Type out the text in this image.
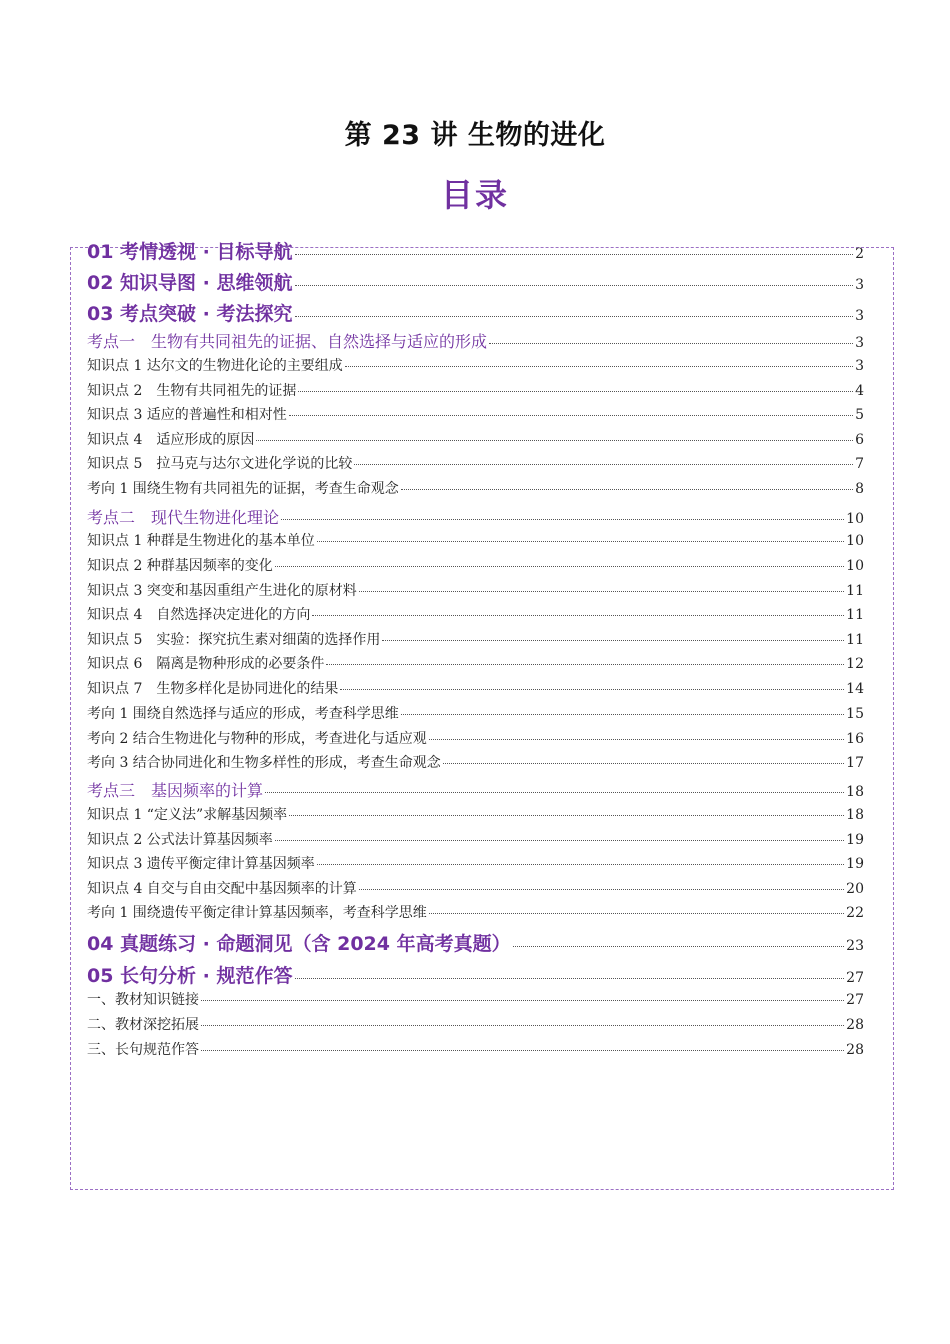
第 23 讲 生物的进化
目录
01 考情透视 · 目标导航	2
02 知识导图 · 思维领航	3
03 考点突破 · 考法探究	3
考点一　生物有共同祖先的证据、自然选择与适应的形成	3
知识点 1 达尔文的生物进化论的主要组成	3
知识点 2　生物有共同祖先的证据	4
知识点 3 适应的普遍性和相对性	5
知识点 4　适应形成的原因	6
知识点 5　拉马克与达尔文进化学说的比较	7
考向 1 围绕生物有共同祖先的证据，考查生命观念	8
考点二　现代生物进化理论	10
知识点 1 种群是生物进化的基本单位	10
知识点 2 种群基因频率的变化	10
知识点 3 突变和基因重组产生进化的原材料	11
知识点 4　自然选择决定进化的方向	11
知识点 5　实验：探究抗生素对细菌的选择作用	11
知识点 6　隔离是物种形成的必要条件	12
知识点 7　生物多样化是协同进化的结果	14
考向 1 围绕自然选择与适应的形成，考查科学思维	15
考向 2 结合生物进化与物种的形成，考查进化与适应观	16
考向 3 结合协同进化和生物多样性的形成，考查生命观念	17
考点三　基因频率的计算	18
知识点 1 “定义法”求解基因频率	18
知识点 2 公式法计算基因频率	19
知识点 3 遗传平衡定律计算基因频率	19
知识点 4 自交与自由交配中基因频率的计算	20
考向 1 围绕遗传平衡定律计算基因频率，考查科学思维	22
04 真题练习 · 命题洞见（含 2024 年高考真题）	23
05 长句分析 · 规范作答	27
一、教材知识链接	27
二、教材深挖拓展	28
三、长句规范作答	28
